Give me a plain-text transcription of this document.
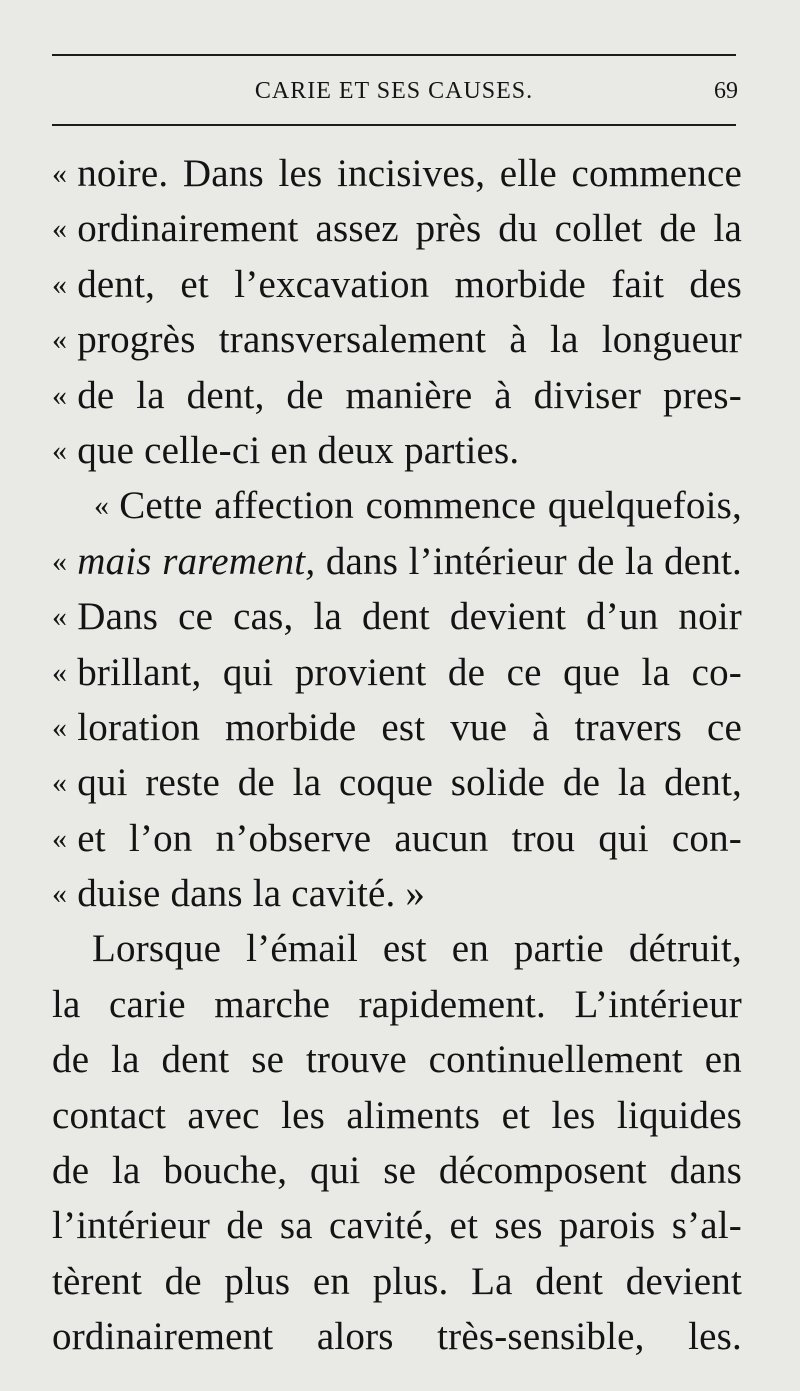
CARIE ET SES CAUSES.	69
« noire. Dans les incisives, elle commence
« ordinairement assez près du collet de la
« dent, et l’excavation morbide fait des
« progrès transversalement à la longueur
« de la dent, de manière à diviser pres-
« que celle-ci en deux parties.
« Cette affection commence quelquefois,
« mais rarement, dans l’intérieur de la dent.
« Dans ce cas, la dent devient d’un noir
« brillant, qui provient de ce que la co-
« loration morbide est vue à travers ce
« qui reste de la coque solide de la dent,
« et l’on n’observe aucun trou qui con-
« duise dans la cavité. »
Lorsque l’émail est en partie détruit,
la carie marche rapidement. L’intérieur
de la dent se trouve continuellement en
contact avec les aliments et les liquides
de la bouche, qui se décomposent dans
l’intérieur de sa cavité, et ses parois s’al-
tèrent de plus en plus. La dent devient
ordinairement alors très-sensible, les.
